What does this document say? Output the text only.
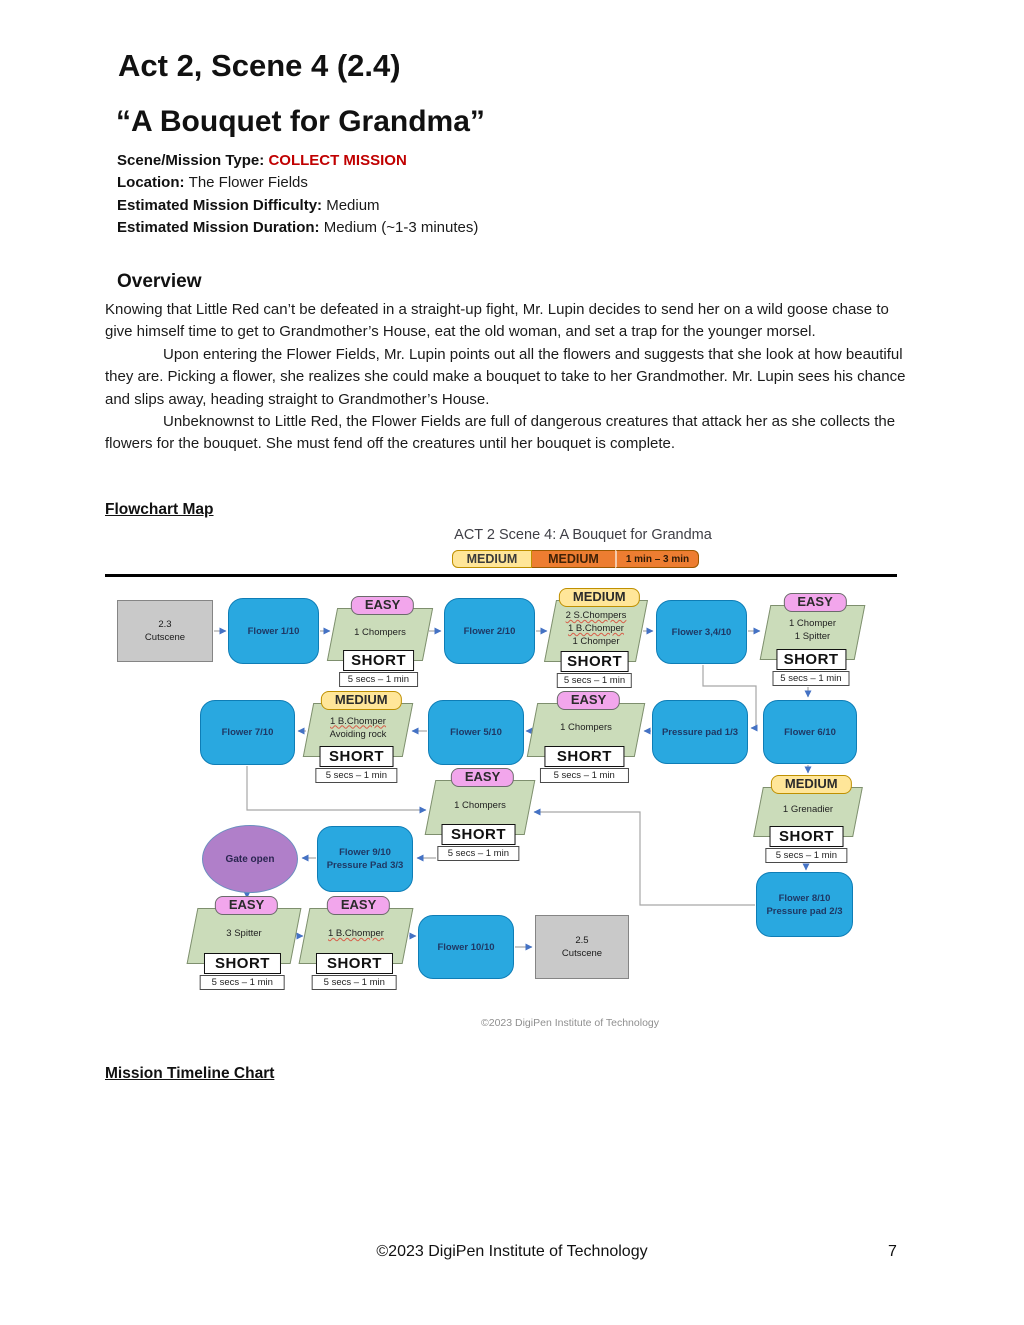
Act 2, Scene 4 (2.4)
“A Bouquet for Grandma”
Scene/Mission Type: COLLECT MISSION
Location: The Flower Fields
Estimated Mission Difficulty: Medium
Estimated Mission Duration: Medium (~1-3 minutes)
Overview

Knowing that Little Red can’t be defeated in a straight-up fight, Mr. Lupin decides to send her on a wild goose chase to give himself time to get to Grandmother’s House, eat the old woman, and set a trap for the younger morsel.

Upon entering the Flower Fields, Mr. Lupin points out all the flowers and suggests that she look at how beautiful they are. Picking a flower, she realizes she could make a bouquet to take to her Grandmother. Mr. Lupin sees his chance and slips away, heading straight to Grandmother’s House.

Unbeknownst to Little Red, the Flower Fields are full of dangerous creatures that attack her as she collects the flowers for the bouquet. She must fend off the creatures until her bouquet is complete.

Flowchart Map
ACT 2 Scene 4: A Bouquet for Grandma
MEDIUM	MEDIUM	1 min – 3 min
©2023 DigiPen Institute of Technology
2.3
Cutscene
Flower 1/10
EASY
1 Chompers
SHORT
5 secs – 1 min
Flower 2/10
MEDIUM
2 S.Chompers
1 B.Chomper
1 Chomper
SHORT
5 secs – 1 min
Flower 3,4/10
EASY
1 Chomper
1 Spitter
SHORT
5 secs – 1 min
Flower 7/10
MEDIUM
1 B.Chomper
Avoiding rock
SHORT
5 secs – 1 min
Flower 5/10
EASY
1 Chompers
SHORT
5 secs – 1 min
Pressure pad 1/3	Flower 6/10
MEDIUM
1 Grenadier
SHORT
5 secs – 1 min
Flower 8/10
Pressure pad 2/3
EASY
1 Chompers
SHORT
5 secs – 1 min
Gate open
Flower 9/10
Pressure Pad 3/3
EASY
3 Spitter
SHORT
5 secs – 1 min
EASY
1 B.Chomper
SHORT
5 secs – 1 min
Flower 10/10
2.5
Cutscene
Mission Timeline Chart
©2023 DigiPen Institute of Technology	7
